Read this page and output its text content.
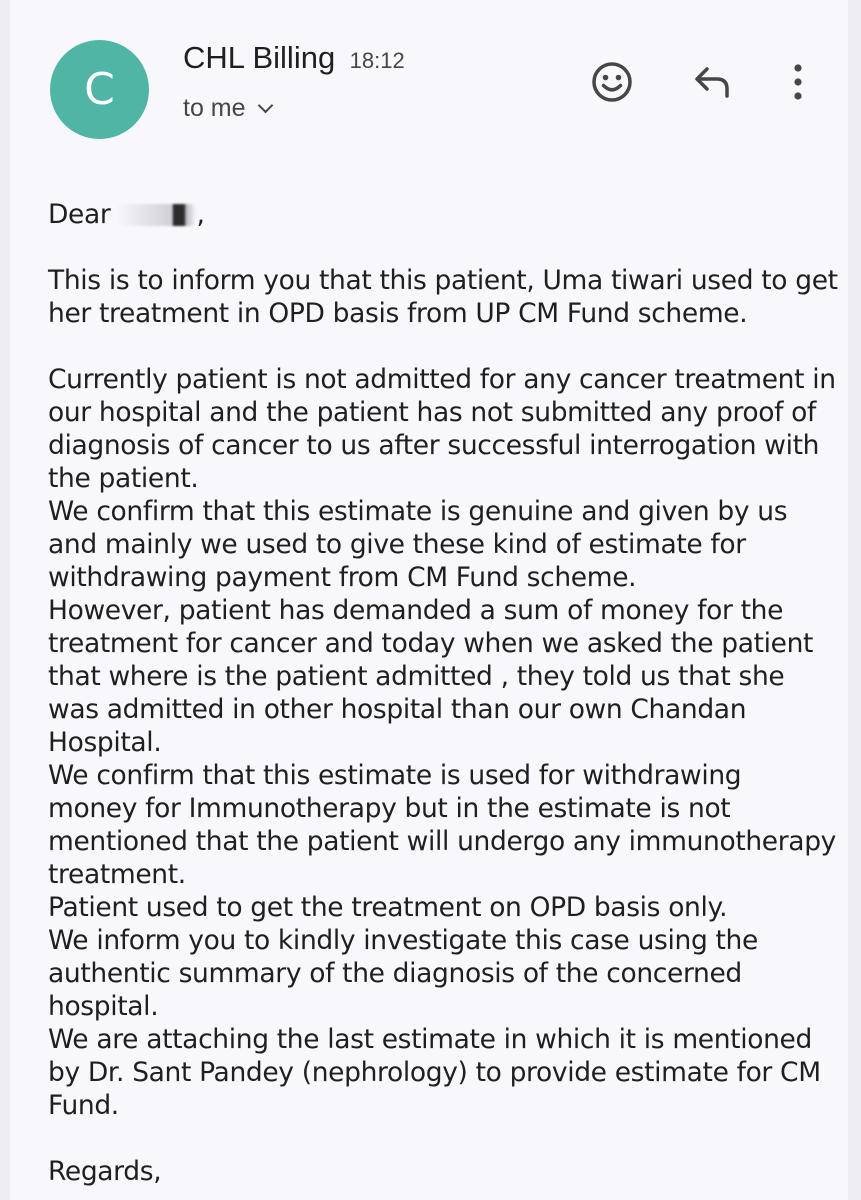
C
CHL Billing 18:12
to me

Dear	,

This is to inform you that this patient, Uma tiwari used to get her treatment in OPD basis from UP CM Fund scheme.

Currently patient is not admitted for any cancer treatment in our hospital and the patient has not submitted any proof of diagnosis of cancer to us after successful interrogation with the patient.

We confirm that this estimate is genuine and given by us and mainly we used to give these kind of estimate for withdrawing payment from CM Fund scheme.

However, patient has demanded a sum of money for the treatment for cancer and today when we asked the patient that where is the patient admitted , they told us that she was admitted in other hospital than our own Chandan Hospital.

We confirm that this estimate is used for withdrawing money for Immunotherapy but in the estimate is not mentioned that the patient will undergo any immunotherapy treatment.

Patient used to get the treatment on OPD basis only.

We inform you to kindly investigate this case using the authentic summary of the diagnosis of the concerned hospital.

We are attaching the last estimate in which it is mentioned by Dr. Sant Pandey (nephrology) to provide estimate for CM Fund.

Regards,
